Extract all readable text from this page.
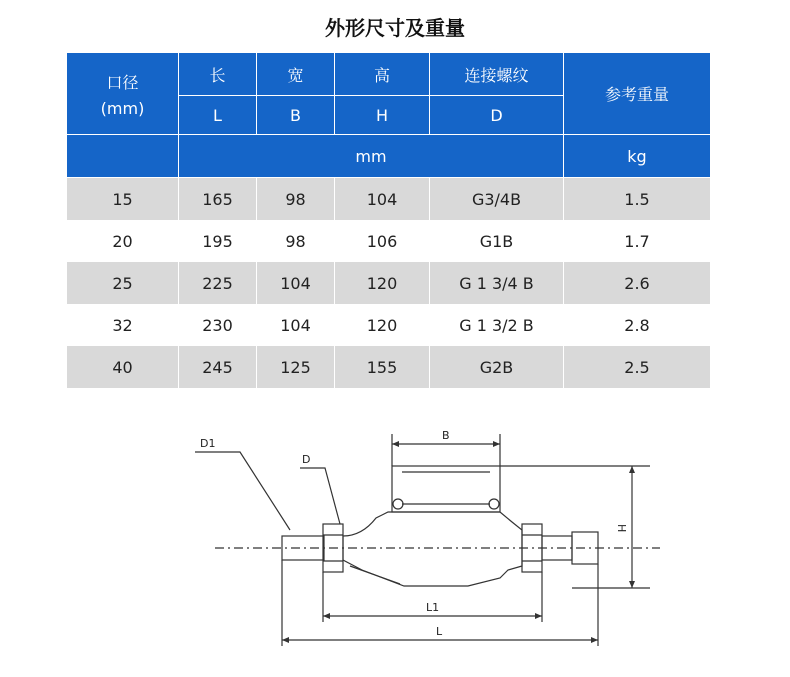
外形尺寸及重量
口径
(mm)	长	宽	高	连接螺纹	参考重量
	L	B	H	D	
	mm				kg
15	165	98	104	G3/4B	1.5
20	195	98	106	G1B	1.7
25	225	104	120	G 1 3/4 B	2.6
32	230	104	120	G 1 3/2 B	2.8
40	245	125	155	G2B	2.5
D1
D
B
H
L1
L
